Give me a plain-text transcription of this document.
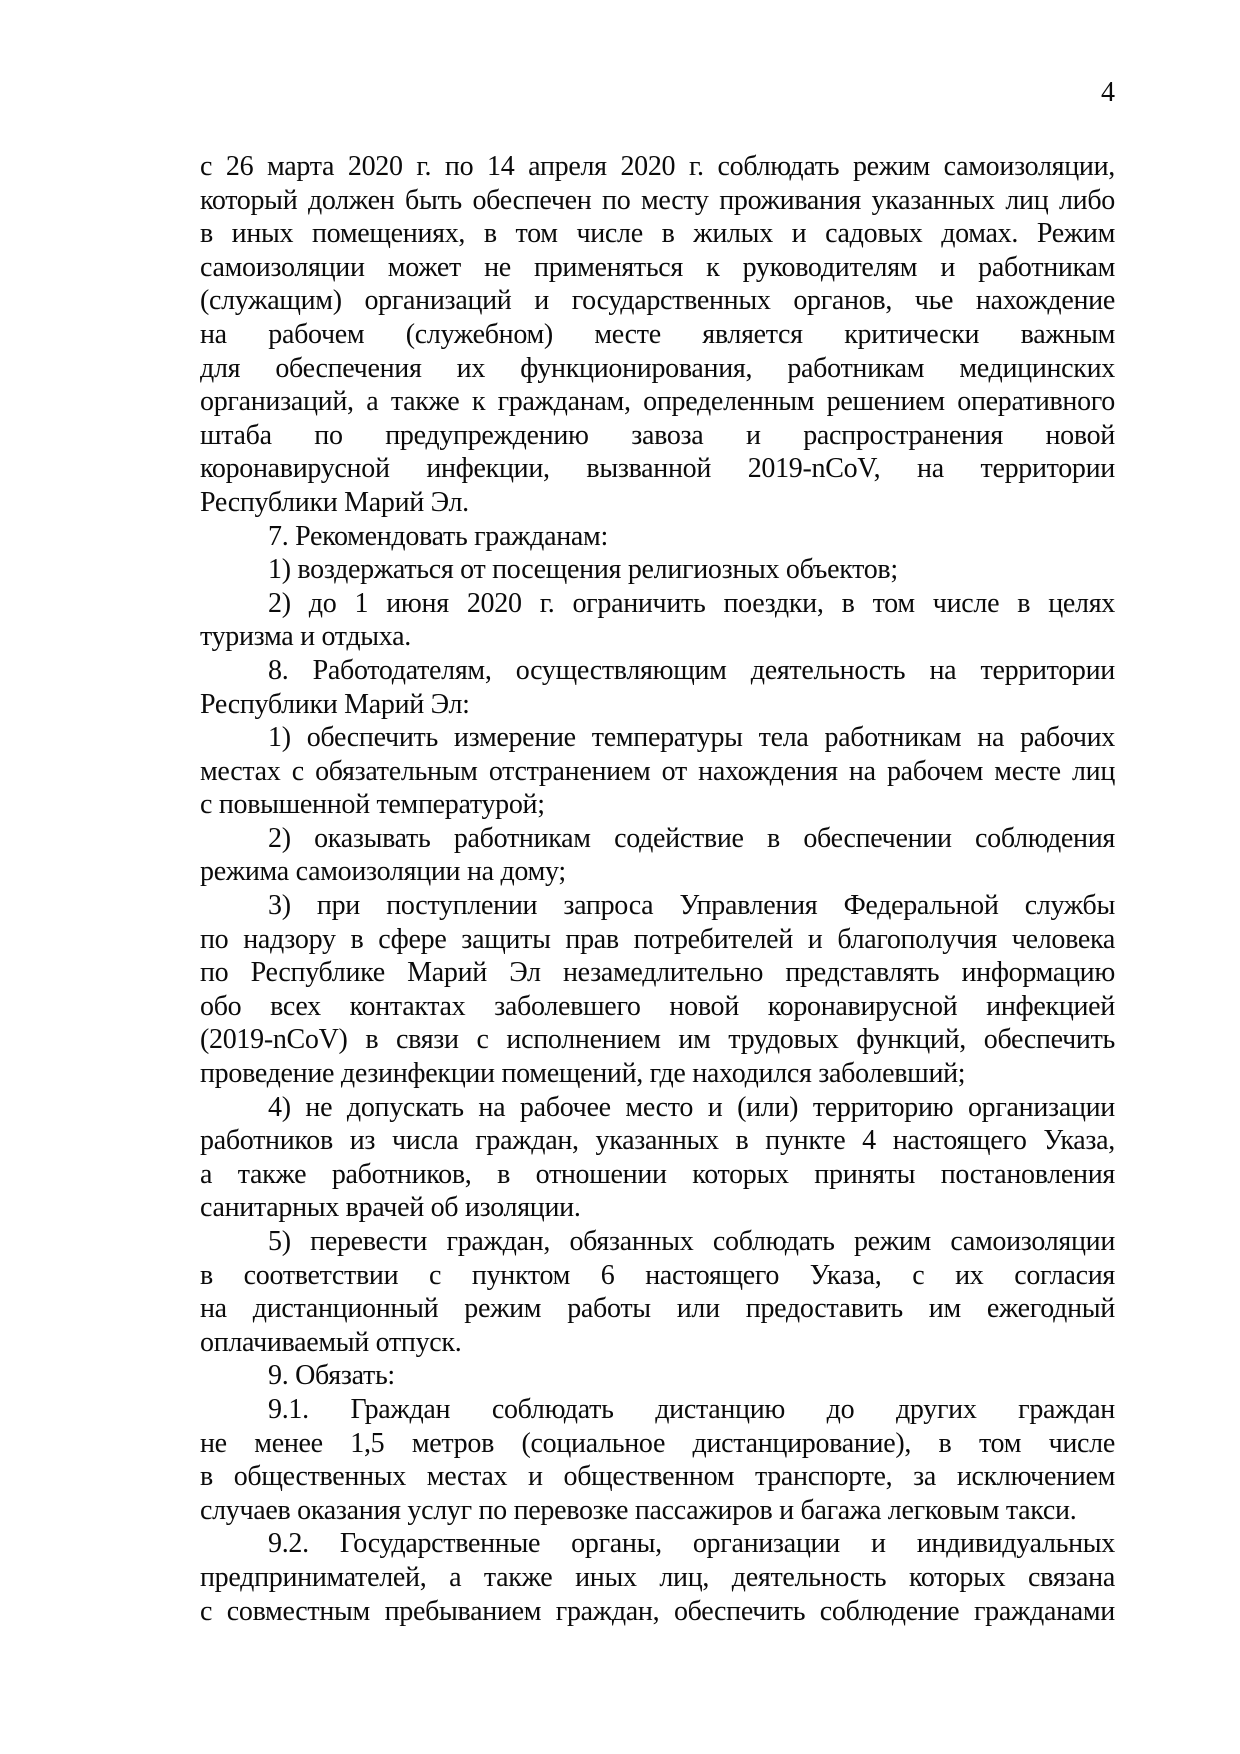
4
с 26 марта 2020 г. по 14 апреля 2020 г. соблюдать режим самоизоляции,
который должен быть обеспечен по месту проживания указанных лиц либо
в иных помещениях, в том числе в жилых и садовых домах. Режим
самоизоляции может не применяться к руководителям и работникам
(служащим) организаций и государственных органов, чье нахождение
на рабочем (служебном) месте является критически важным
для обеспечения их функционирования, работникам медицинских
организаций, а также к гражданам, определенным решением оперативного
штаба по предупреждению завоза и распространения новой
коронавирусной инфекции, вызванной 2019-nCoV, на территории
Республики Марий Эл.
7. Рекомендовать гражданам:
1) воздержаться от посещения религиозных объектов;
2) до 1 июня 2020 г. ограничить поездки, в том числе в целях
туризма и отдыха.
8. Работодателям, осуществляющим деятельность на территории
Республики Марий Эл:
1) обеспечить измерение температуры тела работникам на рабочих
местах с обязательным отстранением от нахождения на рабочем месте лиц
с повышенной температурой;
2) оказывать работникам содействие в обеспечении соблюдения
режима самоизоляции на дому;
3) при поступлении запроса Управления Федеральной службы
по надзору в сфере защиты прав потребителей и благополучия человека
по Республике Марий Эл незамедлительно представлять информацию
обо всех контактах заболевшего новой коронавирусной инфекцией
(2019-nCoV) в связи с исполнением им трудовых функций, обеспечить
проведение дезинфекции помещений, где находился заболевший;
4) не допускать на рабочее место и (или) территорию организации
работников из числа граждан, указанных в пункте 4 настоящего Указа,
а также работников, в отношении которых приняты постановления
санитарных врачей об изоляции.
5) перевести граждан, обязанных соблюдать режим самоизоляции
в соответствии с пунктом 6 настоящего Указа, с их согласия
на дистанционный режим работы или предоставить им ежегодный
оплачиваемый отпуск.
9. Обязать:
9.1. Граждан соблюдать дистанцию до других граждан
не менее 1,5 метров (социальное дистанцирование), в том числе
в общественных местах и общественном транспорте, за исключением
случаев оказания услуг по перевозке пассажиров и багажа легковым такси.
9.2. Государственные органы, организации и индивидуальных
предпринимателей, а также иных лиц, деятельность которых связана
с совместным пребыванием граждан, обеспечить соблюдение гражданами
